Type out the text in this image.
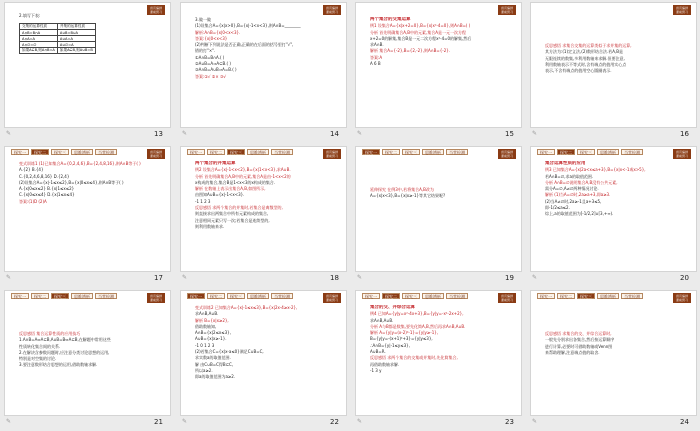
首页编排
课前预习
2.填写下表:
交集的运算性质	并集的运算性质
A∩B=B∩A	A∪B=B∪A
A∩A=A	A∪A=A
A∩∅=∅	A∪∅=A
如果A⊆B,则A∩B=A	如果A⊆B,则A∪B=B
首页编排
课前预习
3.做一做
(1)设集合A={x|x>0},B={x|-1<x<3},则A∩B=________
解析:A∩B={x|0<x<3}.
答案:{x|0<x<3}
(2)判断下列说法是否正确,正确的在后面的括号里打"√",
错的打"×".
①A∩B=B∩A.( )
②A∪B=A⇒A⊆B.( )
③A∩B=A∪B⇒A=B.( )
答案:①√ ②× ③√
首页编排
课前预习
两个集合的交集运算
例1 设集合A={x|x+2=0},B={x|x²-4=0},则A∩B=( )
分析 首先明确集合A,B中的元素,集合A是一元一次方程
x+2=0的解集,集合B是一元二次方程x²-4=0的解集,然后
求A∩B.
解析 集合A={-2},B={2,-2},则A∩B={-2}.
答案:A
A 6 B
首页编排
课前预习
反思感悟 求集合交集的运算类似于求并集的运算,
其方法为:(1)定义法,(2)数形结合法.若A,B是
无限连续的数集,多利用数轴来求解.但要注意,
利用数轴表示不等式时,含有端点的值用实心点
表示,不含有端点的值用空心圆圈表示.
探究一	探究二	探究三	思维辨析	当堂检测	首页编排
课前预习
变式训练1 (1)已知集合A={0,2,4,6},B={2,4,8,16},则A∩B等于( )
A.{2} B.{4}
C.{0,2,4,6,8,16} D.{2,4}
(2)设集合A={x|-1≤x≤2},B={x|0≤x≤4},则A∩B等于( )
A.{x|0≤x≤2} B.{x|1≤x≤2}
C.{x|0≤x≤4} D.{x|1≤x≤4}
答案:(1)D (2)A
探究一	探究二	探究三	思维辨析	当堂检测	首页编排
课前预习
两个集合的并集运算
例2 设集合A={x|-1<x<2},B={x|1<x<3},求A∪B.
分析 首先明确集合A,B中的元素,集合A是由-1<x<2的
x构成的集合,集合B是1<x<3的x构成的集合.
解析 在数轴上表示出集合A,B,如图所示,
由图知A∪B={x|-1<x<3}.
-1 1 2 3
反思感悟 求两个集合的并集时,若集合是离散型的,
则直接求出两集合中所有元素构成的集合,
注意相同元素只写一次;若集合是连续型的,
则利用数轴来求.
探究一	探究二	探究三	思维辨析	当堂检测	首页编排
课前预习
延伸探究 在例3中,若将集合A,B改为
A={x|x<3},B={x|x≥-1}等其它结果呢?
探究一	探究二	探究三	思维辨析	当堂检测	首页编排
课前预习
集合运算性质的应用
例3 已知集合A={x|2a<x≤a+3},B={x|x<-1或x>5},
若A∩B=∅,求a的取值范围.
分析 A∩B=∅说明集合A,B没有公共元素,
需分A=∅,A≠∅两种情况讨论.
解析 (1)当A=∅时,2a≥a+3,即a≥3.
(2)当A≠∅时,2a≥-1且a+3≤5,
即-1/2≤a≤2.
综上,a的取值范围为[-1/2,2]∪[3,+∞).
探究一	探究二	探究三	思维辨析	当堂检测	首页编排
课前预习
反思感悟 集合运算性质的应用技巧
1.A∩B=A⇔A⊆B,A∪B=B⇔A⊆B,在解题中常用这些
性质转化集合间的关系.
2.在解决含参数问题时,应注意分类讨论思想的运用,
特别是对空集的讨论.
3.要注意数形结合思想的运用,借助数轴求解.
探究一	探究二	探究三	思维辨析	当堂检测	首页编排
课前预习
变式训练2 已知集合A={x|-1≤x≤3},B={x|2x-4≥x-2},
求A∩B,A∪B.
解析 B={x|x≥2},
借助数轴知,
A∩B={x|2≤x≤3},
A∪B={x|x≥-1}.
-1 0 1 2 3
(2)若集合C={x|x-a≤0}满足C∪B=C,
求实数a的取值范围.
解 由C∪B=C得B⊆C,
所以a≥2.
即a的取值范围为a≥2.
探究一	探究二	探究三	思维辨析	当堂检测	首页编排
课前预习
集合的交、并综合运算
例4 已知A={y|y=x²-4x+3},B={y|y=-x²-2x+2},
求A∩B,A∪B.
分析 A与B都是数集,要先化简A,B,然后再求A∩B,A∪B.
解析 A={y|y=(x-2)²-1}={y|y≥-1},
B={y|y=-(x+1)²+3}={y|y≤3},
∴A∩B={y|-1≤y≤3},
A∪B=R.
反思感悟 求两个集合的交集或并集时,先化简集合,
再借助数轴求解.
-1 3 y
探究一	探究二	探究三	思维辨析	当堂检测	首页编排
课前预习
反思感悟 求集合的交、并综合运算时,
一般先分别求出各集合,然后按运算顺序
进行计算,必要时可借助数轴或Venn图
来帮助理解,注意端点值的取舍.
✎	13	✎	14	✎	15	✎	16
✎	17	✎	18	✎	19	✎	20
✎	21	✎	22	✎	23	✎	24
